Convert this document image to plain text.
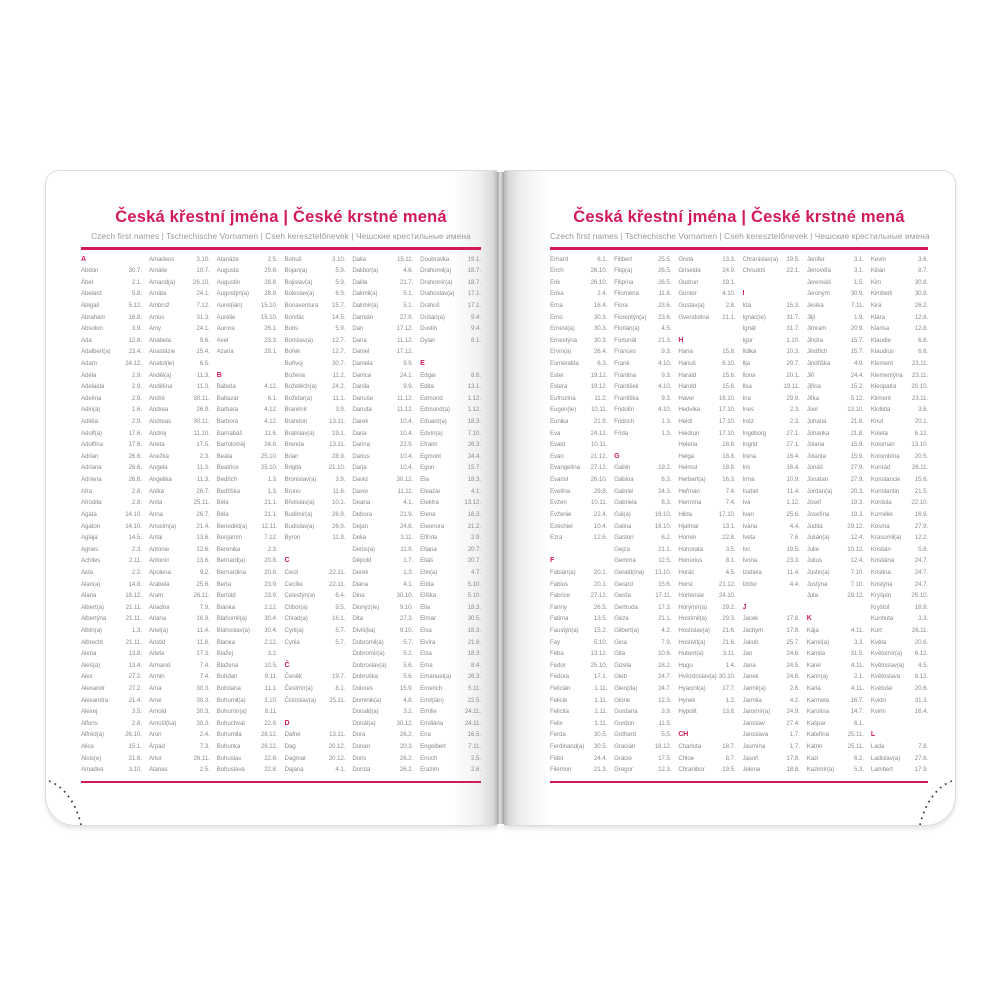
Česká křestní jména | České krstné mená
Czech first names | Tschechische Vornamen | Cseh keresztelőnevek | Чешские крестильные имена
A
Abdon	30.7.
Ábel	2.1.
Abelard	5.8.
Abigail	5.12.
Abrahám	16.8.
Absolon	3.9.
Ada	12.8.
Adalbert(a)	23.4.
Adam	24.12.
Adéla	2.9.
Adelaida	2.9.
Adelína	2.9.
Adin(a)	1.6.
Adléta	2.9.
Adolf(a)	17.6.
Adolfína	17.6.
Adrian	26.6.
Adriana	26.6.
Adriena	26.6.
Afra	2.8.
Afrodita	2.8.
Agáta	14.10.
Agaton	14.10.
Aglaja	14.5.
Agnes	2.3.
Achiles	2.11.
Aida	2.2.
Alan(a)	14.8.
Alana	18.12.
Albert(a)	21.11.
Albertýna	21.11.
Albín(a)	1.3.
Albrecht	21.11.
Alena	13.8.
Aleš(a)	13.4.
Alex	27.2.
Alexandr	27.2.
Alexandra	21.4.
Alexej	3.5.
Alfons	2.8.
Alfréd(a)	26.10.
Alice	15.1.
Alois(e)	21.6.
Amadea	3.10.
Amadeus	3.10.
Amálie	10.7.
Amand(a)	26.10.
Amáta	24.1.
Ambrož	7.12.
Amos	31.3.
Amy	24.1.
Anabela	9.6.
Anastázie	15.4.
Anatol(ie)	6.5.
Anděl(a)	11.3.
Andělína	11.3.
André	30.11.
Andrea	26.9.
Andreas	30.11.
Andrej	11.10.
Aneta	17.5.
Anežka	2.3.
Angela	11.3.
Angelika	11.3.
Anika	26.7.
Anita	25.11.
Anna	26.7.
Anselm(a)	21.4.
Antal	13.6.
Antonie	12.6.
Antonín	13.6.
Apolena	9.2.
Arabela	25.6.
Aram	26.11.
Ariadna	7.9.
Ariana	16.9.
Ariel(a)	11.4.
Aristid	11.8.
Arleta	17.3.
Armand	7.4.
Armin	7.4.
Arna	30.3.
Arne	30.3.
Arnold	30.3.
Arnošt(ka)	30.3.
Aron	2.4.
Árpád	7.3.
Artur	26.11.
Atanas	2.5.
Atanáze	2.5.
Augusta	29.8.
Augustin	28.8.
Augustýn(a)	28.8.
Aurel(ián)	15.10.
Aurélie	15.10.
Aurora	26.1.
Axel	23.3.
Azaria	29.1.
B
Babeta	4.12.
Baltazar	6.1.
Barbara	4.12.
Barbora	4.12.
Barnabáš	11.6.
Bartoloměj	24.8.
Beáta	25.10.
Beatrice	25.10.
Bedřich	1.3.
Bedřiška	1.3.
Béla	21.1.
Běla	21.1.
Benedikt(a)	12.11.
Benjamín	7.12.
Berenika	2.3.
Bernard(a)	20.8.
Bernardina	20.8.
Berta	23.9.
Bertold	23.9.
Bianka	2.12.
Blahomil(a)	30.4.
Blahoslav(a)	30.4.
Blanka	2.12.
Blažej	3.2.
Blažena	10.5.
Bohdan	9.11.
Bohdana	11.1.
Bohumil(a)	3.10.
Bohumír(a)	8.11.
Bohuchval	22.8.
Bohumila	28.12.
Bohunka	28.12.
Bohuslav	22.8.
Bohuslava	22.8.
Bohuš	3.10.
Bojan(a)	5.9.
Bojislav(a)	5.9.
Boleslav(a)	6.9.
Bonaventura	15.7.
Bonifác	14.5.
Boris	5.9.
Borislav(a)	12.7.
Bořek	12.7.
Bořivoj	30.7.
Božena	11.2.
Božetěch(a)	24.2.
Božidar(a)	11.1.
Branimír	3.9.
Brandon	13.11.
Bratislav(a)	19.1.
Brenda	13.11.
Brian	28.9.
Brigita	21.10.
Bronislav(a)	3.9.
Bruno	11.6.
Břetislav(a)	10.1.
Budimír(a)	26.9.
Budislav(a)	26.9.
Byron	11.9.
C
Cecil	22.11.
Cecílie	22.11.
Celestýn(a)	6.4.
Ctibor(a)	9.5.
Ctirad(a)	16.1.
Cyril(a)	5.7.
Cyrila	5.7.
Č
Čeněk	19.7.
Čestmír(a)	8.1.
Čistoslav(a)	25.11.
D
Dafné	13.11.
Dag	20.12.
Dagmar	20.12.
Dajana	4.1.
Dalia	15.11.
Dalibor(a)	4.6.
Dalila	21.7.
Dalimil(a)	5.1.
Dalimír(a)	5.1.
Damián	27.9.
Dan	17.12.
Dana	11.12.
Daniel	17.12.
Daniela	9.9.
Danica	24.1.
Danila	9.9.
Danuše	11.12.
Danuta	11.12.
Darek	10.4.
Daria	10.4.
Darina	22.9.
Darius	10.4.
Darja	10.4.
David	30.12.
Davor	11.11.
Deana	4.1.
Debora	21.9.
Dejan	24.8.
Delia	3.11.
Denis(a)	11.9.
Děpold	1.7.
Derek	1.3.
Diana	4.1.
Dina	30.10.
Dionýz(ie)	9.10.
Dita	27.3.
Diviš(ka)	9.10.
Dobromil(a)	5.7.
Dobromír(a)	5.2.
Dobroslav(a)	5.6.
Dobruška	5.6.
Dolores	15.9.
Dominik(a)	4.8.
Donald(a)	3.2.
Donát(a)	30.12.
Dora	26.2.
Dorian	20.3.
Doris	26.2.
Dorota	26.2.
Doubravka	19.1.
Drahomil(a)	18.7.
Drahomír(a)	18.7.
Drahoslav(a)	17.1.
Drahoš	17.1.
Dušan(a)	9.4.
Dustin	9.4.
Dylan	8.1.
E
Edgar	8.6.
Edita	13.1.
Edmond	1.12.
Edmund(a)	1.12.
Eduard(a)	18.3.
Edvín(a)	7.10.
Efraim	26.3.
Egmont	24.4.
Egon	15.7.
Ela	18.3.
Eleazar	4.1.
Elektra	13.12.
Elena	16.3.
Eleonora	21.2.
Elfrída	2.9.
Eliana	20.7.
Eliáš	20.7.
Elin(a)	4.7.
Elída	5.10.
Eliška	5.10.
Ella	18.3.
Elmar	30.5.
Elsa	18.3.
Elvíra	21.6.
Elza	18.3.
Ema	8.4.
Emanuel(a)	26.3.
Emerich	5.11.
Emil(ián)	22.5.
Emílie	24.11.
Emiliána	24.11.
Ena	16.5.
Engelbert	7.11.
Enoch	2.5.
Erazim	2.6.
Česká křestní jména | České krstné mená
Czech first names | Tschechische Vornamen | Cseh keresztelőnevek | Чешские крестильные имена
Erhard	6.1.
Erich	26.10.
Erik	26.10.
Erika	2.4.
Erna	16.4.
Erno	30.3.
Ernest(a)	30.3.
Ernestýna	30.3.
Ervín(a)	26.4.
Esmeralda	6.3.
Ester	19.12.
Estera	19.12.
Eufrozína	11.2.
Eugen(ie)	10.11.
Eunika	21.9.
Eva	24.12.
Evald	10.11.
Evan	21.12.
Evangelína	27.12.
Evarist	26.10.
Evelína	29.8.
Evžen	10.11.
Evženie	22.4.
Ezechiel	10.4.
Ezra	12.6.
F
Fabián(a)	20.1.
Fabius	20.1.
Fabrice	27.12.
Fanny	26.5.
Fatima	13.5.
Faustýn(a)	15.2.
Fay	5.10.
Féba	13.12.
Fedor	25.10.
Fedora	17.1.
Felicián	1.11.
Felicie	1.11.
Felicita	1.11.
Felix	1.11.
Ferda	30.5.
Ferdinand(a)	30.5.
Fidel	24.4.
Filemon	21.3.
Filibert	25.5.
Filip(a)	26.5.
Filipína	26.5.
Filoména	11.8.
Flora	23.6.
Florentýn(a)	23.6.
Florián(a)	4.5.
Fortunát	21.3.
Frances	9.3.
Frank	4.10.
Frantina	9.3.
František	4.10.
Františka	9.3.
Fridolín	4.10.
Fridrich	1.3.
Frída	1.3.
G
Gabin	19.2.
Gábina	8.3.
Gabriel	24.3.
Gabriela	8.3.
Gál(a)	16.10.
Galina	16.10.
Gaston	6.2.
Gejza	21.1.
Gemma	12.5.
Gerald(ina)	13.10.
Gerard	15.6.
Gerda	17.11.
Gertruda	17.3.
Géza	21.1.
Gilbert(a)	4.2.
Gina	7.9.
Gita	10.6.
Gizela	18.2.
Gleb	24.7.
Glen(da)	24.7.
Glorie	12.3.
Gordana	3.9.
Gordon	11.5.
Gothard	5.5.
Gracián	18.12.
Grácie	17.5.
Gregor	12.3.
Greta	13.3.
Griselda	24.9.
Gudrun	19.1.
Gunter	4.10.
Gustav(a)	2.8.
Gvendolína	21.1.
H
Hana	15.8.
Hanuš	6.10.
Harald	15.6.
Harold	15.6.
Havel	16.10.
Hedvika	17.10.
Heidi	17.10.
Heidrun	17.10.
Helena	18.8.
Helga	18.8.
Helmut	18.8.
Herbert(a)	16.3.
Heřman	7.4.
Hermína	7.4.
Hilda	17.10.
Hjalmar	13.1.
Homér	22.8.
Honorata	3.5.
Honorius	8.1.
Horác	4.5.
Horst	21.12.
Hortensie	24.10.
Horymír(a)	29.2.
Hostimil(a)	29.3.
Hostislav(a)	21.6.
Hostivít(a)	21.6.
Hubert(a)	3.11.
Hugo	1.4.
Hvězdoslav(a) 30.10.
Hyacint(a)	17.7.
Hynek	1.2.
Hypolit	13.8.
CH
Charlota	18.7.
Chloe	8.7.
Chranibor	19.5.
Chranislav(a)	19.5.
Chrudoš	22.1.
I
Ida	15.3.
Ignác(ie)	31.7.
Ignát	31.7.
Igor	1.10.
Ildika	10.3.
Ilja	20.7.
Ilona	20.1.
Ilsa	19.11.
Ina	29.9.
Ines	2.3.
Inéz	2.3.
Ingeborg	27.1.
Ingrid	27.1.
Irena	16.4.
Iris	16.4.
Irma	10.9.
Isabel	11.4.
Iva	1.12.
Ivan	25.6.
Ivana	4.4.
Iveta	7.6.
Ivo	19.5.
Ivona	23.3.
Izabela	11.4.
Izidor	4.4.
J
Jacek	17.8.
Jáchym	17.8.
Jakub	25.7.
Jan	24.6.
Jana	24.5.
Janek	24.6.
Jarmil(a)	2.6.
Jarmila	4.2.
Jaromír(a)	24.9.
Jaroslav	27.4.
Jaroslava	1.7.
Jasmína	1.7.
Jasoň	17.8.
Jelena	18.8.
Jenifer	3.1.
Jenovéfa	3.1.
Jeremiáš	1.5.
Jeroným	30.9.
Jesika	7.11.
Jiljí	1.9.
Jimram	20.9.
Jindra	15.7.
Jindřich	15.7.
Jindřiška	4.9.
Jiří	24.4.
Jiřina	15.2.
Jitka	5.12.
Joel	13.10.
Johana	21.8.
Johanka	21.8.
Jolana	15.9.
Jolanta	15.9.
Jonáš	27.9.
Jonatan	27.9.
Jordan(a)	20.3.
Josef	19.3.
Josefína	19.3.
Judita	29.12.
Julián(a)	12.4.
Julie	10.12.
Julius	12.4.
Justin(a)	7.10.
Justýna	7.10.
Juta	29.12.
K
Kája	4.11.
Kamil(a)	3.3.
Kamila	31.5.
Karel	4.11.
Karin(a)	2.1.
Karla	4.11.
Karmela	16.7.
Karolína	14.7.
Kašpar	6.1.
Kateřina	25.11.
Katrin	25.11.
Kazi	6.2.
Kazimír(a)	5.3.
Kevin	3.6.
Kilián	8.7.
Kim	30.8.
Kimberli	30.8.
Kira	26.2.
Klára	12.8.
Klarisa	12.8.
Klaudie	6.6.
Klaudius	6.6.
Klement	23.11.
Klementýna	23.11.
Kleopatra	20.10.
Kliment	23.11.
Klotilda	3.6.
Knut	20.1.
Koleta	6.12.
Koloman	13.10.
Kolombína	20.5.
Konrád	26.11.
Konstancie	15.6.
Konstantin	21.5.
Kordula	22.10.
Kornélie	16.9.
Kosma	27.9.
Krasomil(a)	12.2.
Kristián	5.8.
Kristiána	24.7.
Kristina	24.7.
Kristýna	24.7.
Kryšpín	25.10.
Kryštof	18.9.
Kunhuta	3.3.
Kurt	26.11.
Květa	20.6.
Květomír(a)	6.12.
Květoslav(a)	4.5.
Květoslava	8.12.
Květuše	20.6.
Kvido	31.3.
Kvirin	16.4.
L
Lada	7.8.
Ladislav(a)	27.6.
Lambert	17.9.
